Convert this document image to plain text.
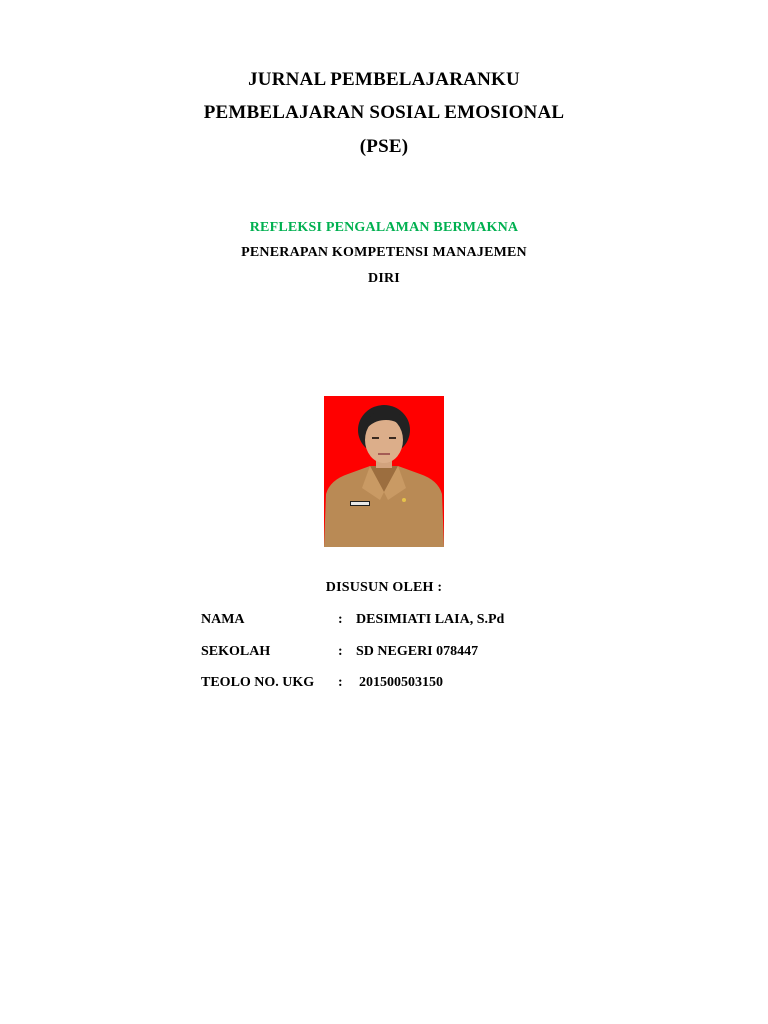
JURNAL PEMBELAJARANKU
PEMBELAJARAN SOSIAL EMOSIONAL
(PSE)
REFLEKSI PENGALAMAN BERMAKNA
PENERAPAN KOMPETENSI MANAJEMEN
DIRI
DISUSUN OLEH :
NAMA	: DESIMIATI LAIA, S.Pd
SEKOLAH	: SD NEGERI 078447
TEOLO NO. UKG : 201500503150
